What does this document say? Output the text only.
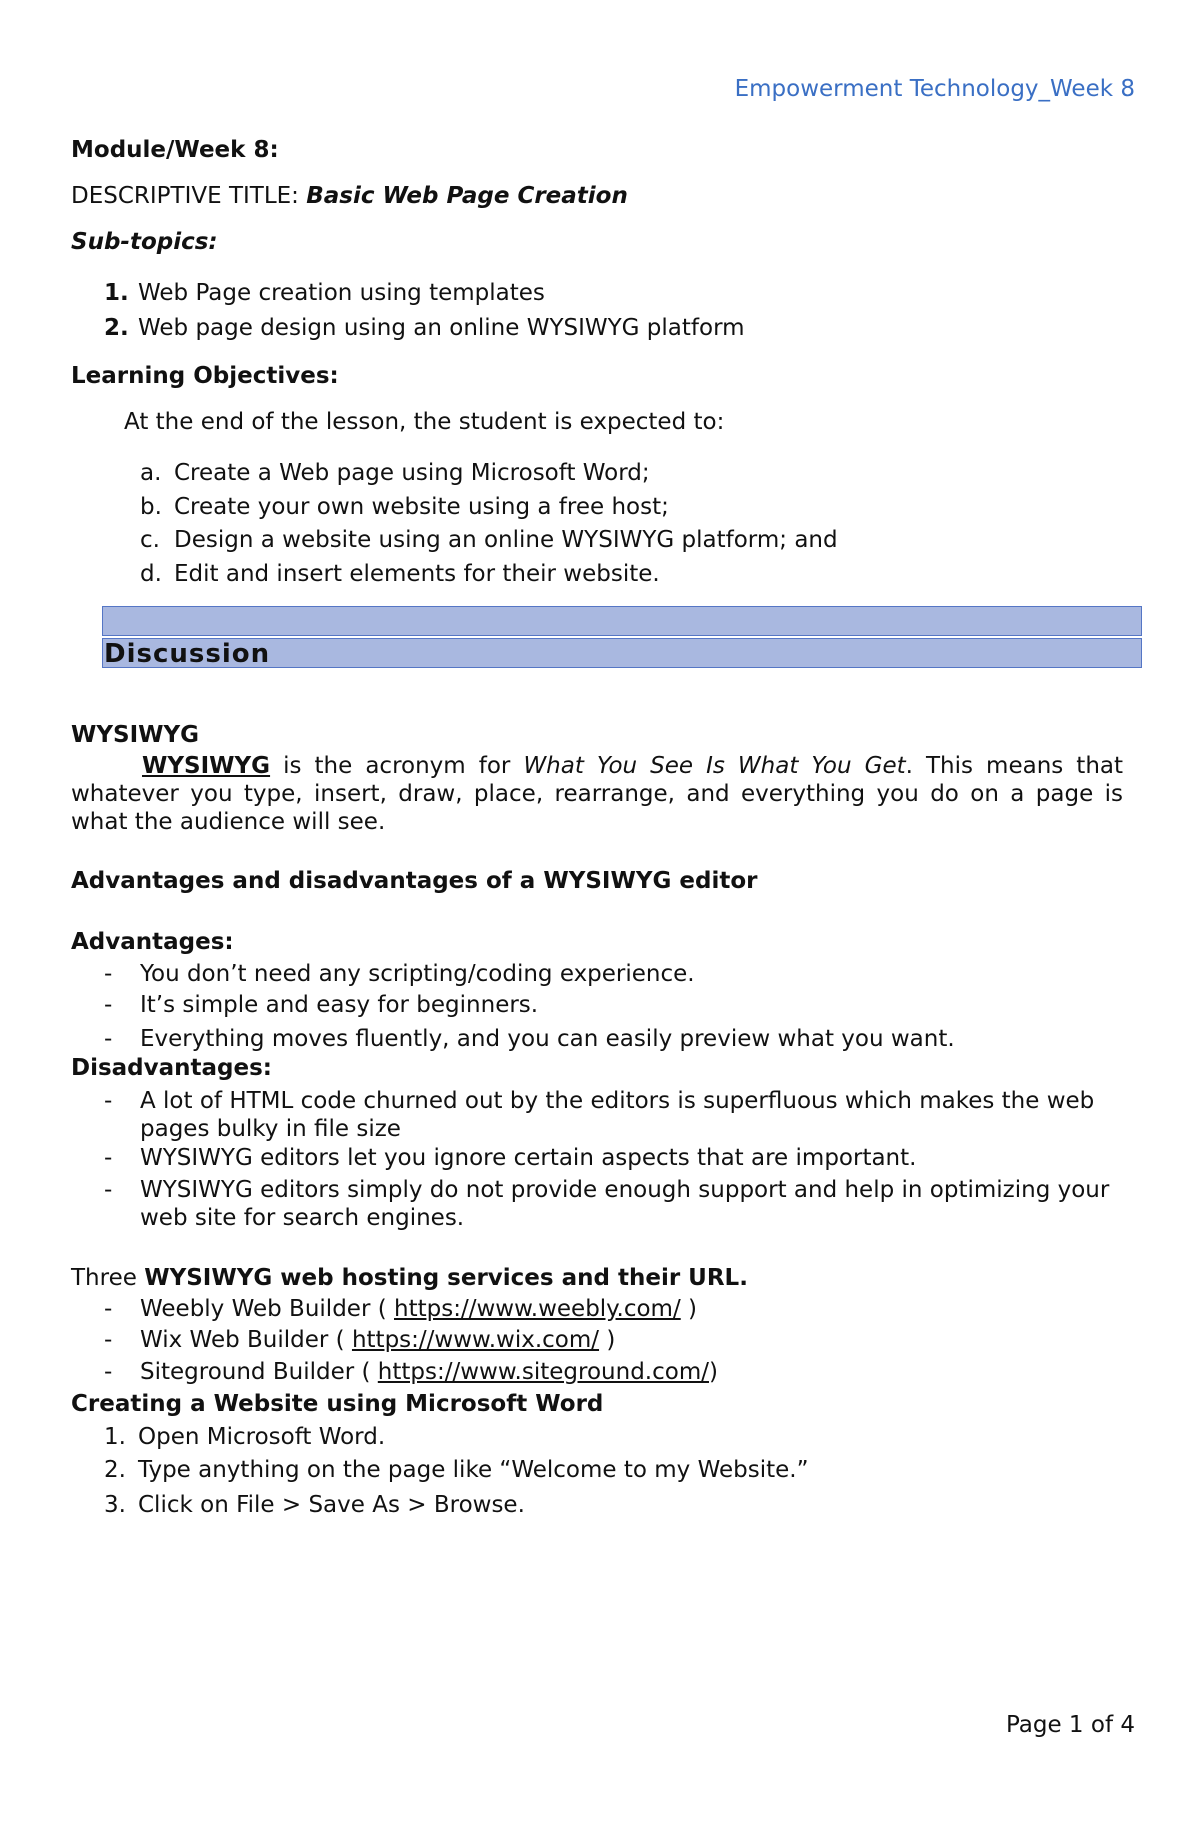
Empowerment Technology_Week 8
Module/Week 8:
DESCRIPTIVE TITLE: Basic Web Page Creation
Sub-topics:
1. Web Page creation using templates
2. Web page design using an online WYSIWYG platform
Learning Objectives:
At the end of the lesson, the student is expected to:
a. Create a Web page using Microsoft Word;
b. Create your own website using a free host;
c. Design a website using an online WYSIWYG platform; and
d. Edit and insert elements for their website.
Discussion
WYSIWYG
WYSIWYG is the acronym for What You See Is What You Get. This means that whatever you type, insert, draw, place, rearrange, and everything you do on a page is what the audience will see.
Advantages and disadvantages of a WYSIWYG editor
Advantages:
- You don’t need any scripting/coding experience.
- It’s simple and easy for beginners.
- Everything moves fluently, and you can easily preview what you want.
Disadvantages:
- A lot of HTML code churned out by the editors is superfluous which makes the web
pages bulky in file size
- WYSIWYG editors let you ignore certain aspects that are important.
- WYSIWYG editors simply do not provide enough support and help in optimizing your
web site for search engines.
Three WYSIWYG web hosting services and their URL.
- Weebly Web Builder ( https://www.weebly.com/ )
- Wix Web Builder ( https://www.wix.com/ )
- Siteground Builder ( https://www.siteground.com/)
Creating a Website using Microsoft Word
1. Open Microsoft Word.
2. Type anything on the page like “Welcome to my Website.”
3. Click on File > Save As > Browse.
Page 1 of 4
